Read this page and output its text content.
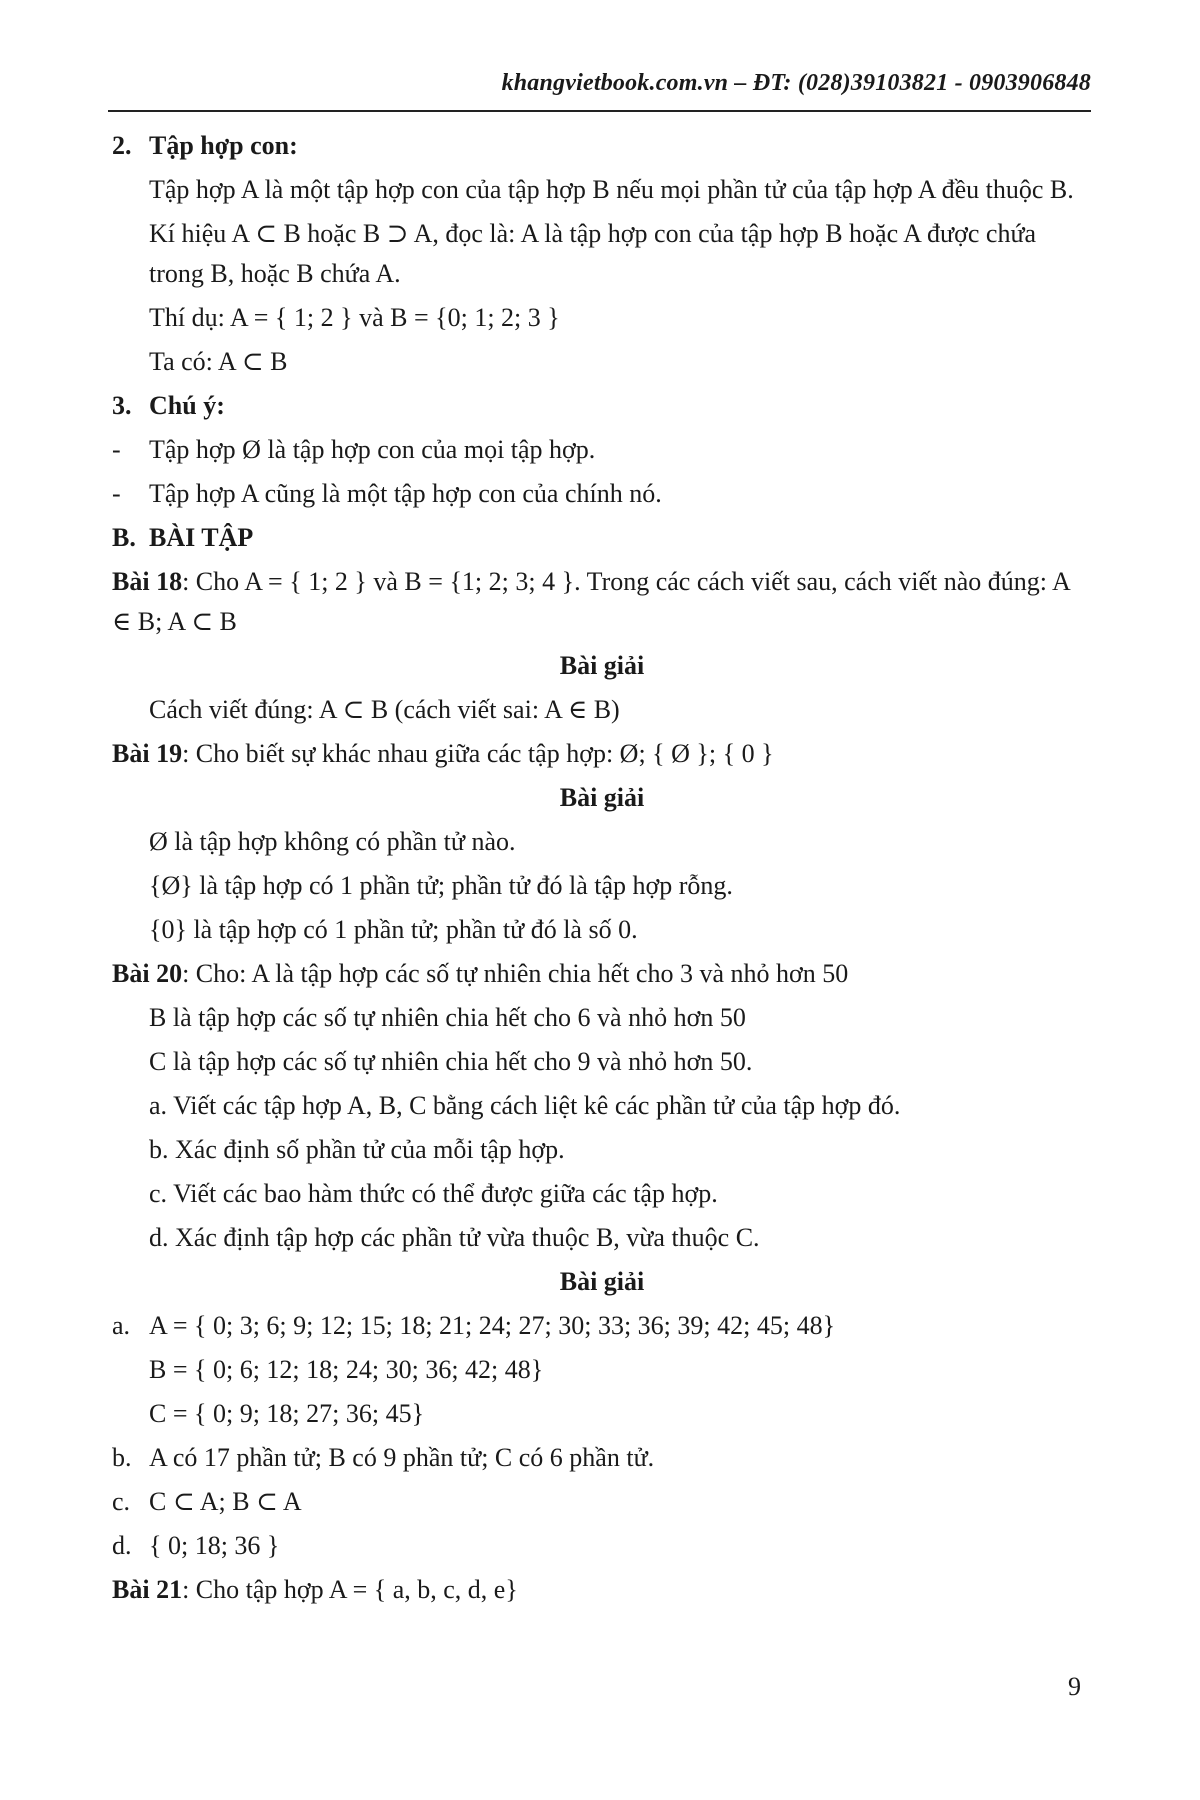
khangvietbook.com.vn – ĐT: (028)39103821 - 0903906848
2. Tập hợp con:

Tập hợp A là một tập hợp con của tập hợp B nếu mọi phần tử của tập hợp A đều thuộc B.

Kí hiệu A ⊂ B hoặc B ⊃ A, đọc là: A là tập hợp con của tập hợp B hoặc A được chứa trong B, hoặc B chứa A.

Thí dụ: A = { 1; 2 } và B = {0; 1; 2; 3 }

Ta có: A ⊂ B

3. Chú ý:
-	Tập hợp Ø là tập hợp con của mọi tập hợp.
-	Tập hợp A cũng là một tập hợp con của chính nó.
B. BÀI TẬP

Bài 18: Cho A = { 1; 2 } và B = {1; 2; 3; 4 }. Trong các cách viết sau, cách viết nào đúng: A ∈ B; A ⊂ B

Bài giải

Cách viết đúng: A ⊂ B (cách viết sai: A ∈ B)

Bài 19: Cho biết sự khác nhau giữa các tập hợp: Ø; { Ø }; { 0 }

Bài giải

Ø là tập hợp không có phần tử nào.

{Ø} là tập hợp có 1 phần tử; phần tử đó là tập hợp rỗng.

{0} là tập hợp có 1 phần tử; phần tử đó là số 0.

Bài 20: Cho: A là tập hợp các số tự nhiên chia hết cho 3 và nhỏ hơn 50

B là tập hợp các số tự nhiên chia hết cho 6 và nhỏ hơn 50

C là tập hợp các số tự nhiên chia hết cho 9 và nhỏ hơn 50.

a. Viết các tập hợp A, B, C bằng cách liệt kê các phần tử của tập hợp đó.

b. Xác định số phần tử của mỗi tập hợp.

c. Viết các bao hàm thức có thể được giữa các tập hợp.

d. Xác định tập hợp các phần tử vừa thuộc B, vừa thuộc C.

Bài giải

a. A = { 0; 3; 6; 9; 12; 15; 18; 21; 24; 27; 30; 33; 36; 39; 42; 45; 48}

B = { 0; 6; 12; 18; 24; 30; 36; 42; 48}

C = { 0; 9; 18; 27; 36; 45}

b. A có 17 phần tử; B có 9 phần tử; C có 6 phần tử.
c. C ⊂ A; B ⊂ A
d. { 0; 18; 36 }

Bài 21: Cho tập hợp A = { a, b, c, d, e}

9
